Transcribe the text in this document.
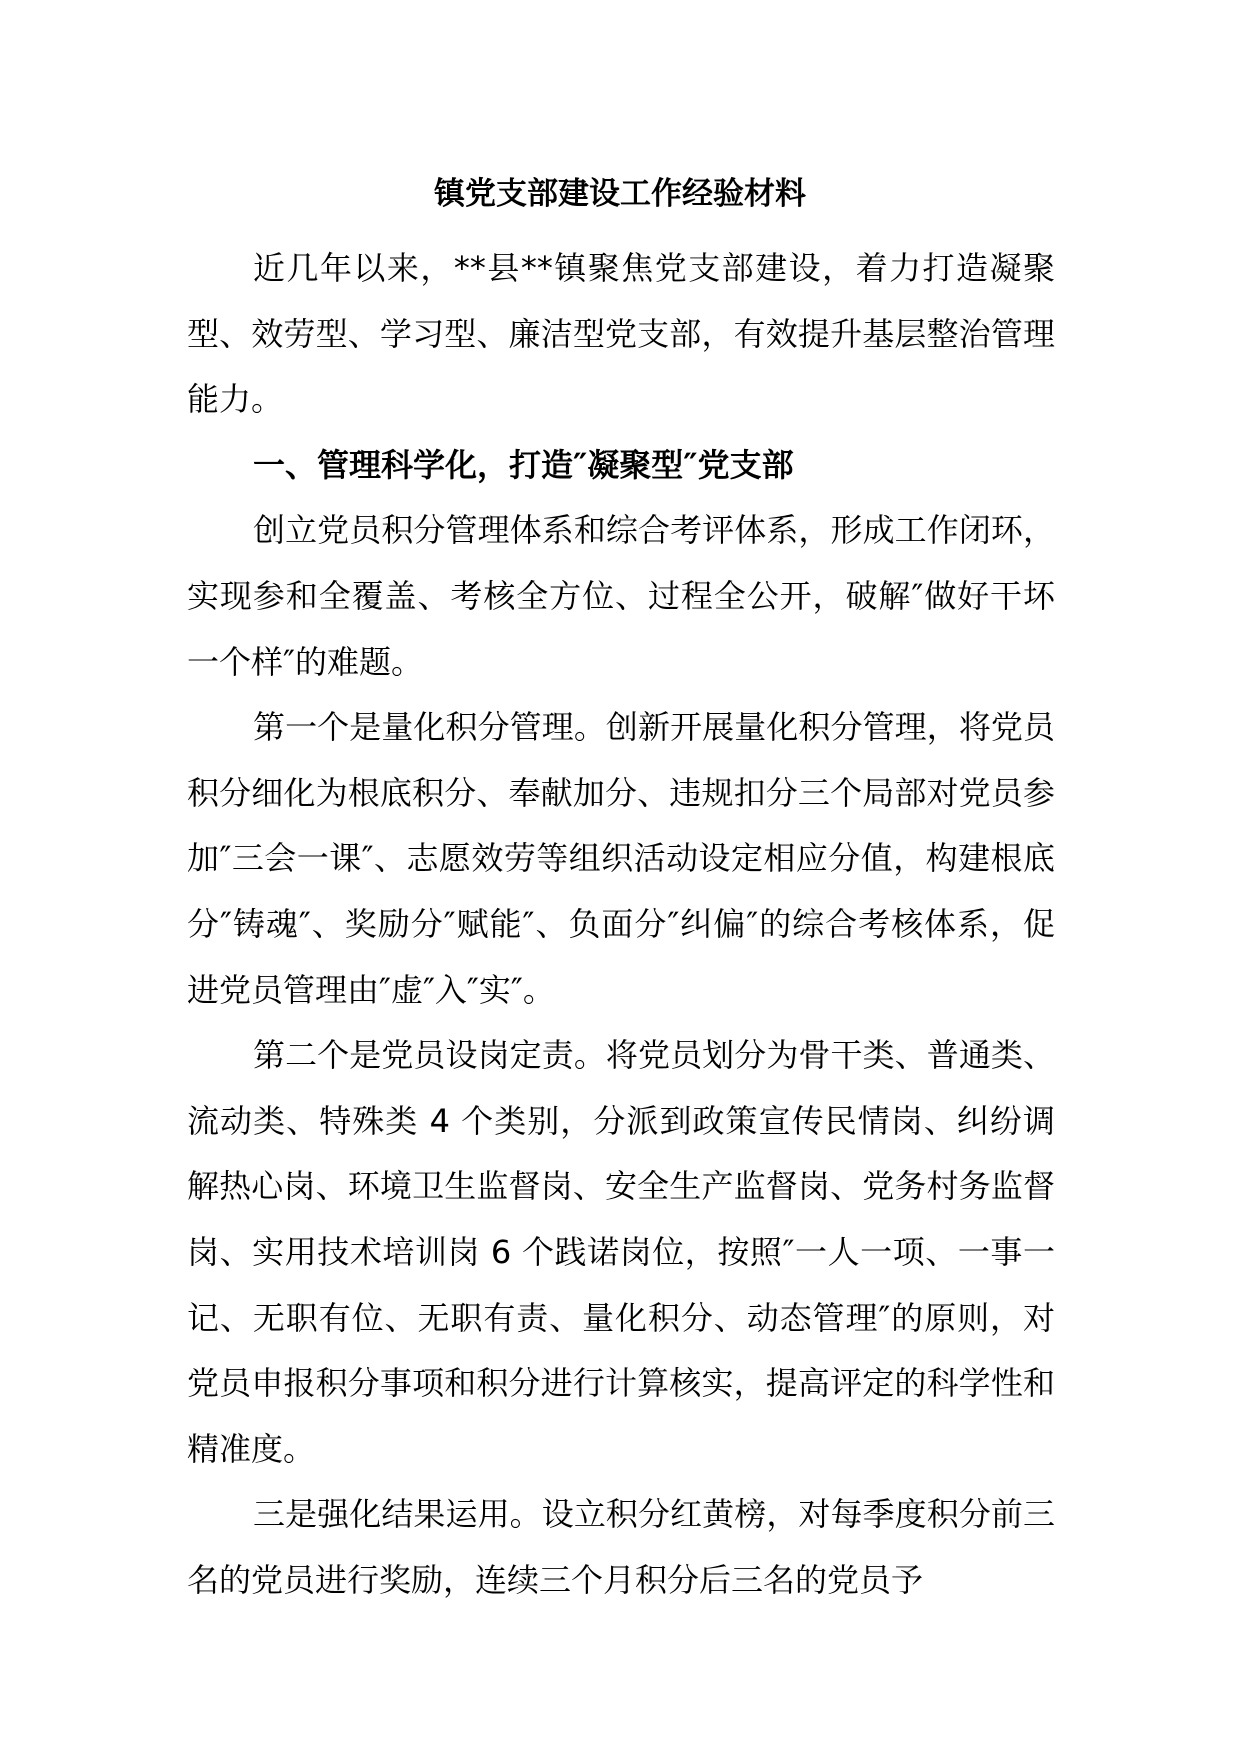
镇党支部建设工作经验材料

近几年以来，**县**镇聚焦党支部建设，着力打造凝聚型、效劳型、学习型、廉洁型党支部，有效提升基层整治管理能力。

一、管理科学化，打造″凝聚型″党支部

创立党员积分管理体系和综合考评体系，形成工作闭环，实现参和全覆盖、考核全方位、过程全公开，破解″做好干坏一个样″的难题。

第一个是量化积分管理。创新开展量化积分管理，将党员积分细化为根底积分、奉献加分、违规扣分三个局部对党员参加″三会一课″、志愿效劳等组织活动设定相应分值，构建根底分″铸魂″、奖励分″赋能″、负面分″纠偏″的综合考核体系，促进党员管理由″虚″入″实″。

第二个是党员设岗定责。将党员划分为骨干类、普通类、流动类、特殊类 4 个类别，分派到政策宣传民情岗、纠纷调解热心岗、环境卫生监督岗、安全生产监督岗、党务村务监督岗、实用技术培训岗 6 个践诺岗位，按照″一人一项、一事一记、无职有位、无职有责、量化积分、动态管理″的原则，对党员申报积分事项和积分进行计算核实，提高评定的科学性和精准度。

三是强化结果运用。设立积分红黄榜，对每季度积分前三名的党员进行奖励，连续三个月积分后三名的党员予
